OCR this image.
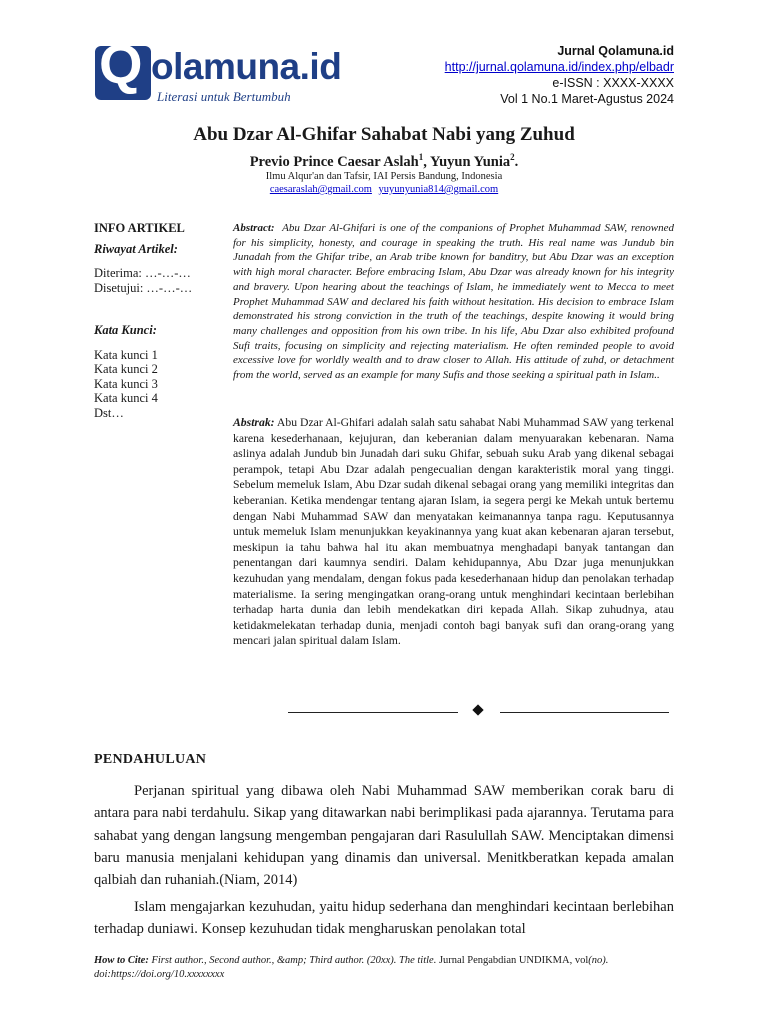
Q olamuna.id
Literasi untuk Bertumbuh
Jurnal Qolamuna.id
http://jurnal.qolamuna.id/index.php/elbadr
e-ISSN : XXXX-XXXX
Vol 1 No.1 Maret-Agustus 2024
Abu Dzar Al-Ghifar Sahabat Nabi yang Zuhud
Previo Prince Caesar Aslah$^1$, Yuyun Yunia$^2$.
Ilmu Alqur'an dan Tafsir, IAI Persis Bandung, Indonesia
caesaraslah@gmail.com yuyunyunia814@gmail.com
INFO ARTIKEL
Riwayat Artikel:
Diterima: …-…-…
Disetujui: …-…-…
Kata Kunci:
Kata kunci 1
Kata kunci 2
Kata kunci 3
Kata kunci 4
Dst…
Abstract: Abu Dzar Al-Ghifari is one of the companions of Prophet Muhammad SAW, renowned for his simplicity, honesty, and courage in speaking the truth. His real name was Jundub bin Junadah from the Ghifar tribe, an Arab tribe known for banditry, but Abu Dzar was an exception with high moral character. Before embracing Islam, Abu Dzar was already known for his integrity and bravery. Upon hearing about the teachings of Islam, he immediately went to Mecca to meet Prophet Muhammad SAW and declared his faith without hesitation. His decision to embrace Islam demonstrated his strong conviction in the truth of the teachings, despite knowing it would bring many challenges and opposition from his own tribe. In his life, Abu Dzar also exhibited profound Sufi traits, focusing on simplicity and rejecting materialism. He often reminded people to avoid excessive love for worldly wealth and to draw closer to Allah. His attitude of zuhd, or detachment from the world, served as an example for many Sufis and those seeking a spiritual path in Islam..
Abstrak: Abu Dzar Al-Ghifari adalah salah satu sahabat Nabi Muhammad SAW yang terkenal karena kesederhanaan, kejujuran, dan keberanian dalam menyuarakan kebenaran. Nama aslinya adalah Jundub bin Junadah dari suku Ghifar, sebuah suku Arab yang dikenal sebagai perampok, tetapi Abu Dzar adalah pengecualian dengan karakteristik moral yang tinggi. Sebelum memeluk Islam, Abu Dzar sudah dikenal sebagai orang yang memiliki integritas dan keberanian. Ketika mendengar tentang ajaran Islam, ia segera pergi ke Mekah untuk bertemu dengan Nabi Muhammad SAW dan menyatakan keimanannya tanpa ragu. Keputusannya untuk memeluk Islam menunjukkan keyakinannya yang kuat akan kebenaran ajaran tersebut, meskipun ia tahu bahwa hal itu akan membuatnya menghadapi banyak tantangan dan penentangan dari kaumnya sendiri. Dalam kehidupannya, Abu Dzar juga menunjukkan kezuhudan yang mendalam, dengan fokus pada kesederhanaan hidup dan penolakan terhadap materialisme. Ia sering mengingatkan orang-orang untuk menghindari kecintaan berlebihan terhadap harta dunia dan lebih mendekatkan diri kepada Allah. Sikap zuhudnya, atau ketidakmelekatan terhadap dunia, menjadi contoh bagi banyak sufi dan orang-orang yang mencari jalan spiritual dalam Islam.
PENDAHULUAN
Perjanan spiritual yang dibawa oleh Nabi Muhammad SAW memberikan corak baru di antara para nabi terdahulu. Sikap yang ditawarkan nabi berimplikasi pada ajarannya. Terutama para sahabat yang dengan langsung mengemban pengajaran dari Rasulullah SAW. Menciptakan dimensi baru manusia menjalani kehidupan yang dinamis dan universal. Menitkberatkan kepada amalan qalbiah dan ruhaniah.(Niam, 2014)
Islam mengajarkan kezuhudan, yaitu hidup sederhana dan menghindari kecintaan berlebihan terhadap duniawi. Konsep kezuhudan tidak mengharuskan penolakan total
How to Cite: First author., Second author., &amp; Third author. (20xx). The title. Jurnal Pengabdian UNDIKMA, vol(no). doi:https://doi.org/10.xxxxxxxx
